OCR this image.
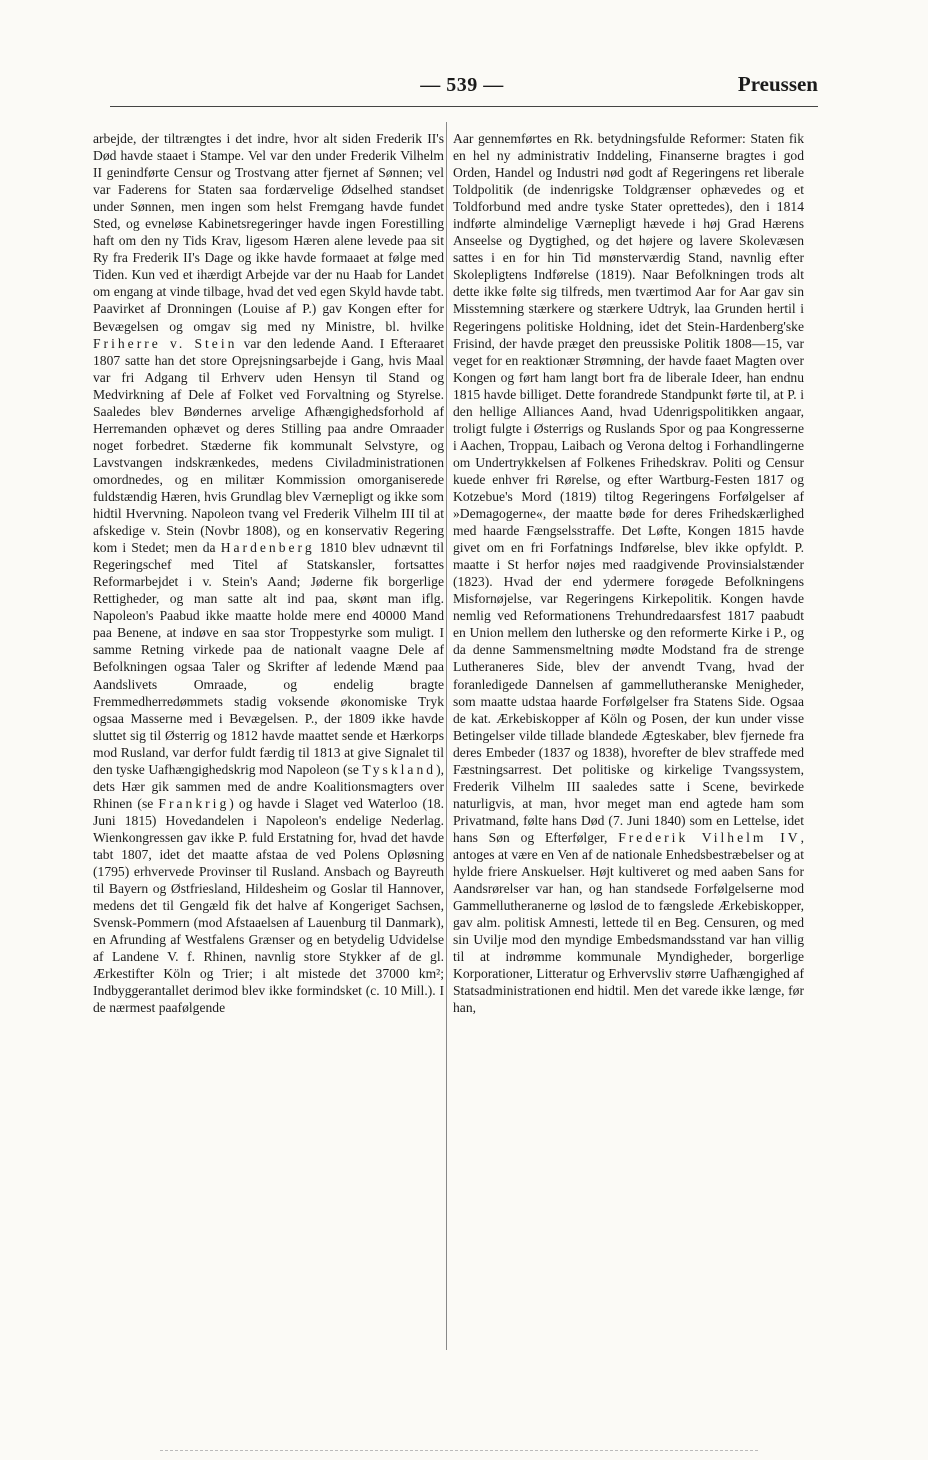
— 539 —	Preussen

arbejde, der tiltrængtes i det indre, hvor alt siden Frederik II's Død havde staaet i Stampe. Vel var den under Frederik Vilhelm II genindførte Censur og Trostvang atter fjernet af Sønnen; vel var Faderens for Staten saa fordærvelige Ødselhed standset under Sønnen, men ingen som helst Fremgang havde fundet Sted, og evneløse Kabinetsregeringer havde ingen Forestilling haft om den ny Tids Krav, ligesom Hæren alene levede paa sit Ry fra Frederik II's Dage og ikke havde formaaet at følge med Tiden. Kun ved et ihærdigt Arbejde var der nu Haab for Landet om engang at vinde tilbage, hvad det ved egen Skyld havde tabt. Paavirket af Dronningen (Louise af P.) gav Kongen efter for Bevægelsen og omgav sig med ny Ministre, bl. hvilke Friherre v. Stein var den ledende Aand. I Efteraaret 1807 satte han det store Oprejsningsarbejde i Gang, hvis Maal var fri Adgang til Erhverv uden Hensyn til Stand og Medvirkning af Dele af Folket ved Forvaltning og Styrelse. Saaledes blev Bøndernes arvelige Afhængighedsforhold af Herremanden ophævet og deres Stilling paa andre Omraader noget forbedret. Stæderne fik kommunalt Selvstyre, og Lavstvangen indskrænkedes, medens Civiladministrationen omordnedes, og en militær Kommission omorganiserede fuldstændig Hæren, hvis Grundlag blev Værnepligt og ikke som hidtil Hvervning. Napoleon tvang vel Frederik Vilhelm III til at afskedige v. Stein (Novbr 1808), og en konservativ Regering kom i Stedet; men da Hardenberg 1810 blev udnævnt til Regeringschef med Titel af Statskansler, fortsattes Reformarbejdet i v. Stein's Aand; Jøderne fik borgerlige Rettigheder, og man satte alt ind paa, skønt man iflg. Napoleon's Paabud ikke maatte holde mere end 40000 Mand paa Benene, at indøve en saa stor Troppestyrke som muligt. I samme Retning virkede paa de nationalt vaagne Dele af Befolkningen ogsaa Taler og Skrifter af ledende Mænd paa Aandslivets Omraade, og endelig bragte Fremmedherredømmets stadig voksende økonomiske Tryk ogsaa Masserne med i Bevægelsen. P., der 1809 ikke havde sluttet sig til Østerrig og 1812 havde maattet sende et Hærkorps mod Rusland, var derfor fuldt færdig til 1813 at give Signalet til den tyske Uafhængighedskrig mod Napoleon (se Tyskland), dets Hær gik sammen med de andre Koalitionsmagters over Rhinen (se Frankrig) og havde i Slaget ved Waterloo (18. Juni 1815) Hovedandelen i Napoleon's endelige Nederlag. Wienkongressen gav ikke P. fuld Erstatning for, hvad det havde tabt 1807, idet det maatte afstaa de ved Polens Opløsning (1795) erhvervede Provinser til Rusland. Ansbach og Bayreuth til Bayern og Østfriesland, Hildesheim og Goslar til Hannover, medens det til Gengæld fik det halve af Kongeriget Sachsen, Svensk-Pommern (mod Afstaaelsen af Lauenburg til Danmark), en Afrunding af Westfalens Grænser og en betydelig Udvidelse af Landene V. f. Rhinen, navnlig store Stykker af de gl. Ærkestifter Köln og Trier; i alt mistede det 37000 km²; Indbyggerantallet derimod blev ikke formindsket (c. 10 Mill.). I de nærmest paafølgende

Aar gennemførtes en Rk. betydningsfulde Reformer: Staten fik en hel ny administrativ Inddeling, Finanserne bragtes i god Orden, Handel og Industri nød godt af Regeringens ret liberale Toldpolitik (de indenrigske Toldgrænser ophævedes og et Toldforbund med andre tyske Stater oprettedes), den i 1814 indførte almindelige Værnepligt hævede i høj Grad Hærens Anseelse og Dygtighed, og det højere og lavere Skolevæsen sattes i en for hin Tid mønsterværdig Stand, navnlig efter Skolepligtens Indførelse (1819). Naar Befolkningen trods alt dette ikke følte sig tilfreds, men tværtimod Aar for Aar gav sin Misstemning stærkere og stærkere Udtryk, laa Grunden hertil i Regeringens politiske Holdning, idet det Stein-Hardenberg'ske Frisind, der havde præget den preussiske Politik 1808—15, var veget for en reaktionær Strømning, der havde faaet Magten over Kongen og ført ham langt bort fra de liberale Ideer, han endnu 1815 havde billiget. Dette forandrede Standpunkt førte til, at P. i den hellige Alliances Aand, hvad Udenrigspolitikken angaar, troligt fulgte i Østerrigs og Ruslands Spor og paa Kongresserne i Aachen, Troppau, Laibach og Verona deltog i Forhandlingerne om Undertrykkelsen af Folkenes Frihedskrav. Politi og Censur kuede enhver fri Rørelse, og efter Wartburg-Festen 1817 og Kotzebue's Mord (1819) tiltog Regeringens Forfølgelser af »Demagogerne«, der maatte bøde for deres Frihedskærlighed med haarde Fængselsstraffe. Det Løfte, Kongen 1815 havde givet om en fri Forfatnings Indførelse, blev ikke opfyldt. P. maatte i St herfor nøjes med raadgivende Provinsialstænder (1823). Hvad der end ydermere forøgede Befolkningens Misfornøjelse, var Regeringens Kirkepolitik. Kongen havde nemlig ved Reformationens Trehundredaarsfest 1817 paabudt en Union mellem den lutherske og den reformerte Kirke i P., og da denne Sammensmeltning mødte Modstand fra de strenge Lutheraneres Side, blev der anvendt Tvang, hvad der foranledigede Dannelsen af gammellutheranske Menigheder, som maatte udstaa haarde Forfølgelser fra Statens Side. Ogsaa de kat. Ærkebiskopper af Köln og Posen, der kun under visse Betingelser vilde tillade blandede Ægteskaber, blev fjernede fra deres Embeder (1837 og 1838), hvorefter de blev straffede med Fæstningsarrest. Det politiske og kirkelige Tvangssystem, Frederik Vilhelm III saaledes satte i Scene, bevirkede naturligvis, at man, hvor meget man end agtede ham som Privatmand, følte hans Død (7. Juni 1840) som en Lettelse, idet hans Søn og Efterfølger, Frederik Vilhelm IV, antoges at være en Ven af de nationale Enhedsbestræbelser og at hylde friere Anskuelser. Højt kultiveret og med aaben Sans for Aandsrørelser var han, og han standsede Forfølgelserne mod Gammellutheranerne og løslod de to fængslede Ærkebiskopper, gav alm. politisk Amnesti, lettede til en Beg. Censuren, og med sin Uvilje mod den myndige Embedsmandsstand var han villig til at indrømme kommunale Myndigheder, borgerlige Korporationer, Litteratur og Erhvervsliv større Uafhængighed af Statsadministrationen end hidtil. Men det varede ikke længe, før han,
